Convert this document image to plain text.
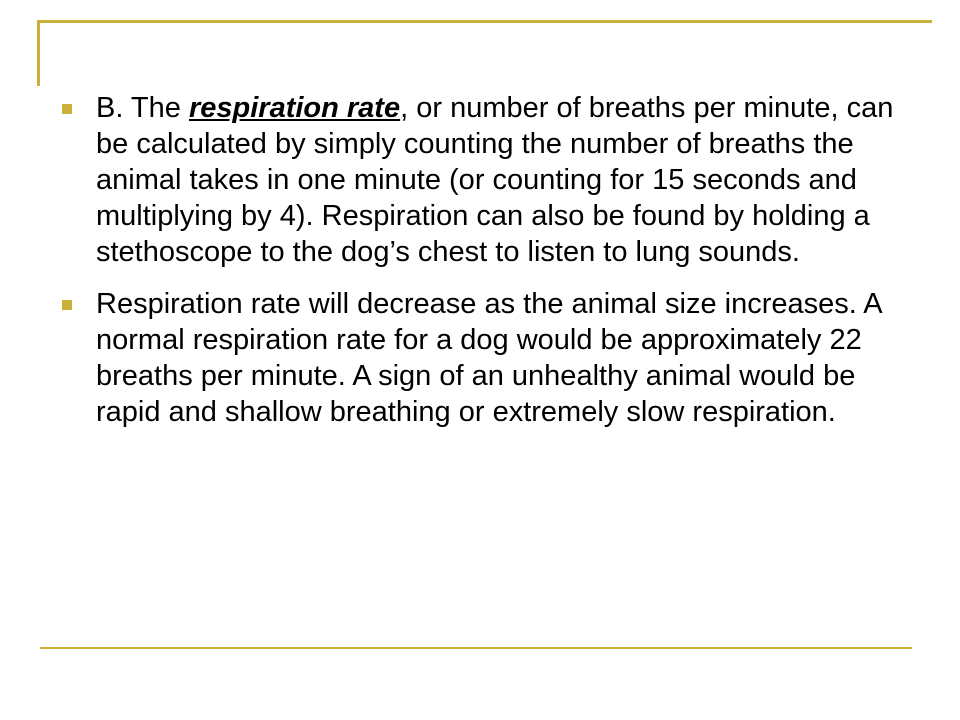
B. The respiration rate, or number of breaths per minute, can be calculated by simply counting the number of breaths the animal takes in one minute (or counting for 15 seconds and multiplying by 4). Respiration can also be found by holding a stethoscope to the dog’s chest to listen to lung sounds.

Respiration rate will decrease as the animal size increases. A normal respiration rate for a dog would be approximately 22 breaths per minute. A sign of an unhealthy animal would be rapid and shallow breathing or extremely slow respiration.
